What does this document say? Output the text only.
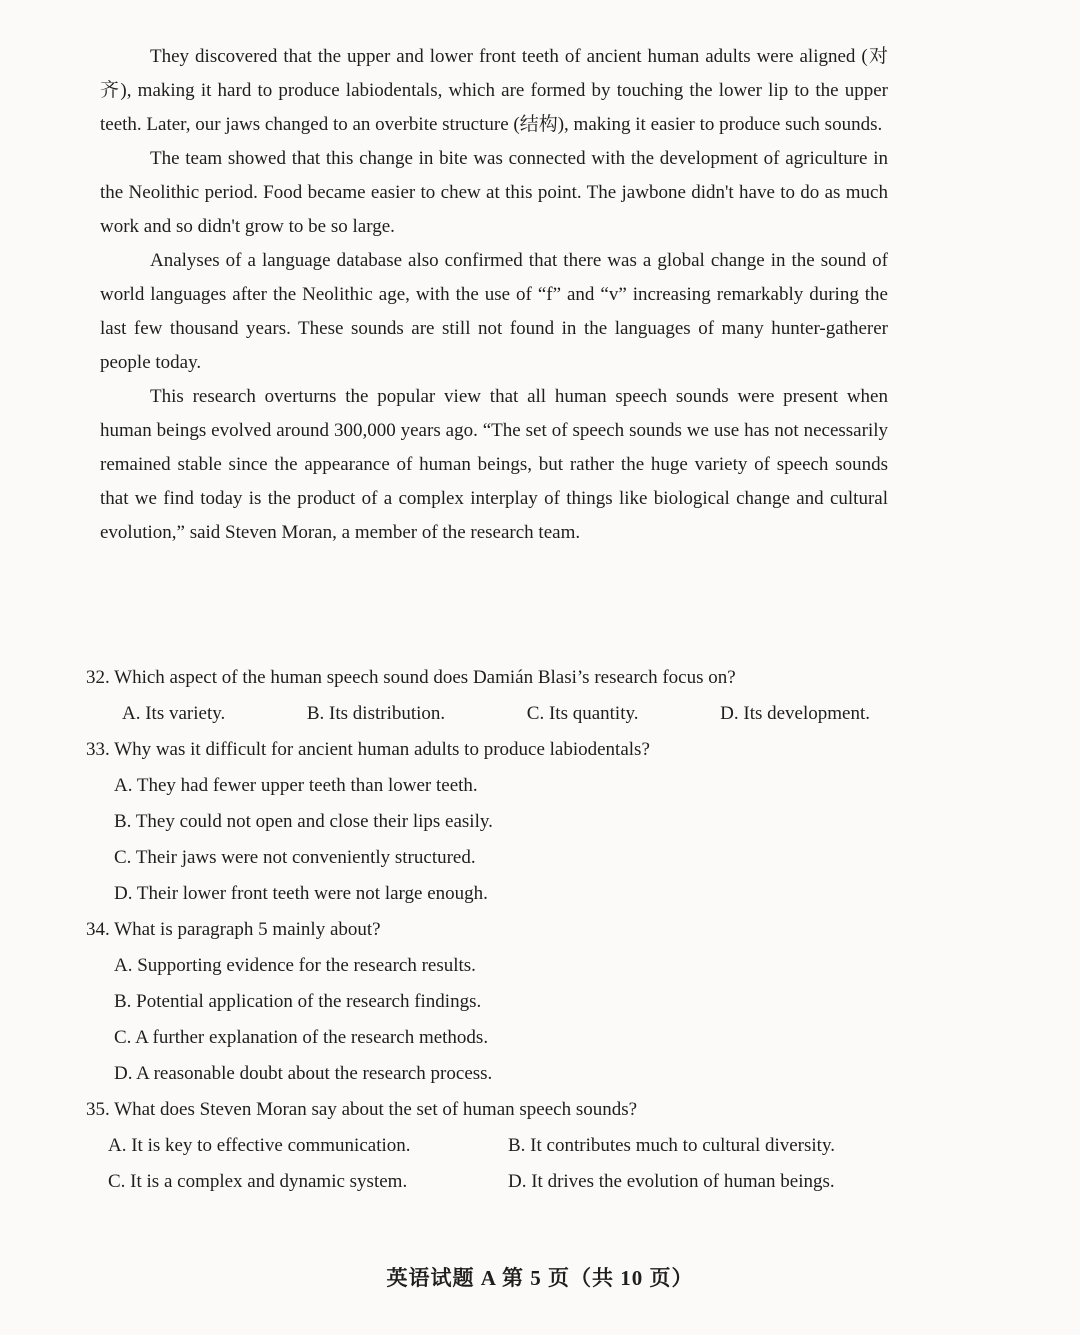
They discovered that the upper and lower front teeth of ancient human adults were aligned (对齐), making it hard to produce labiodentals, which are formed by touching the lower lip to the upper teeth. Later, our jaws changed to an overbite structure (结构), making it easier to produce such sounds.

The team showed that this change in bite was connected with the development of agriculture in the Neolithic period. Food became easier to chew at this point. The jawbone didn't have to do as much work and so didn't grow to be so large.

Analyses of a language database also confirmed that there was a global change in the sound of world languages after the Neolithic age, with the use of “f” and “v” increasing remarkably during the last few thousand years. These sounds are still not found in the languages of many hunter-gatherer people today.

This research overturns the popular view that all human speech sounds were present when human beings evolved around 300,000 years ago. “The set of speech sounds we use has not necessarily remained stable since the appearance of human beings, but rather the huge variety of speech sounds that we find today is the product of a complex interplay of things like biological change and cultural evolution,” said Steven Moran, a member of the research team.

32. Which aspect of the human speech sound does Damián Blasi’s research focus on?
A. Its variety.	B. Its distribution.	C. Its quantity.	D. Its development.
33. Why was it difficult for ancient human adults to produce labiodentals?
A. They had fewer upper teeth than lower teeth.
B. They could not open and close their lips easily.
C. Their jaws were not conveniently structured.
D. Their lower front teeth were not large enough.
34. What is paragraph 5 mainly about?
A. Supporting evidence for the research results.
B. Potential application of the research findings.
C. A further explanation of the research methods.
D. A reasonable doubt about the research process.
35. What does Steven Moran say about the set of human speech sounds?
A. It is key to effective communication.	B. It contributes much to cultural diversity.
C. It is a complex and dynamic system.	D. It drives the evolution of human beings.
英语试题 A 第 5 页（共 10 页）
